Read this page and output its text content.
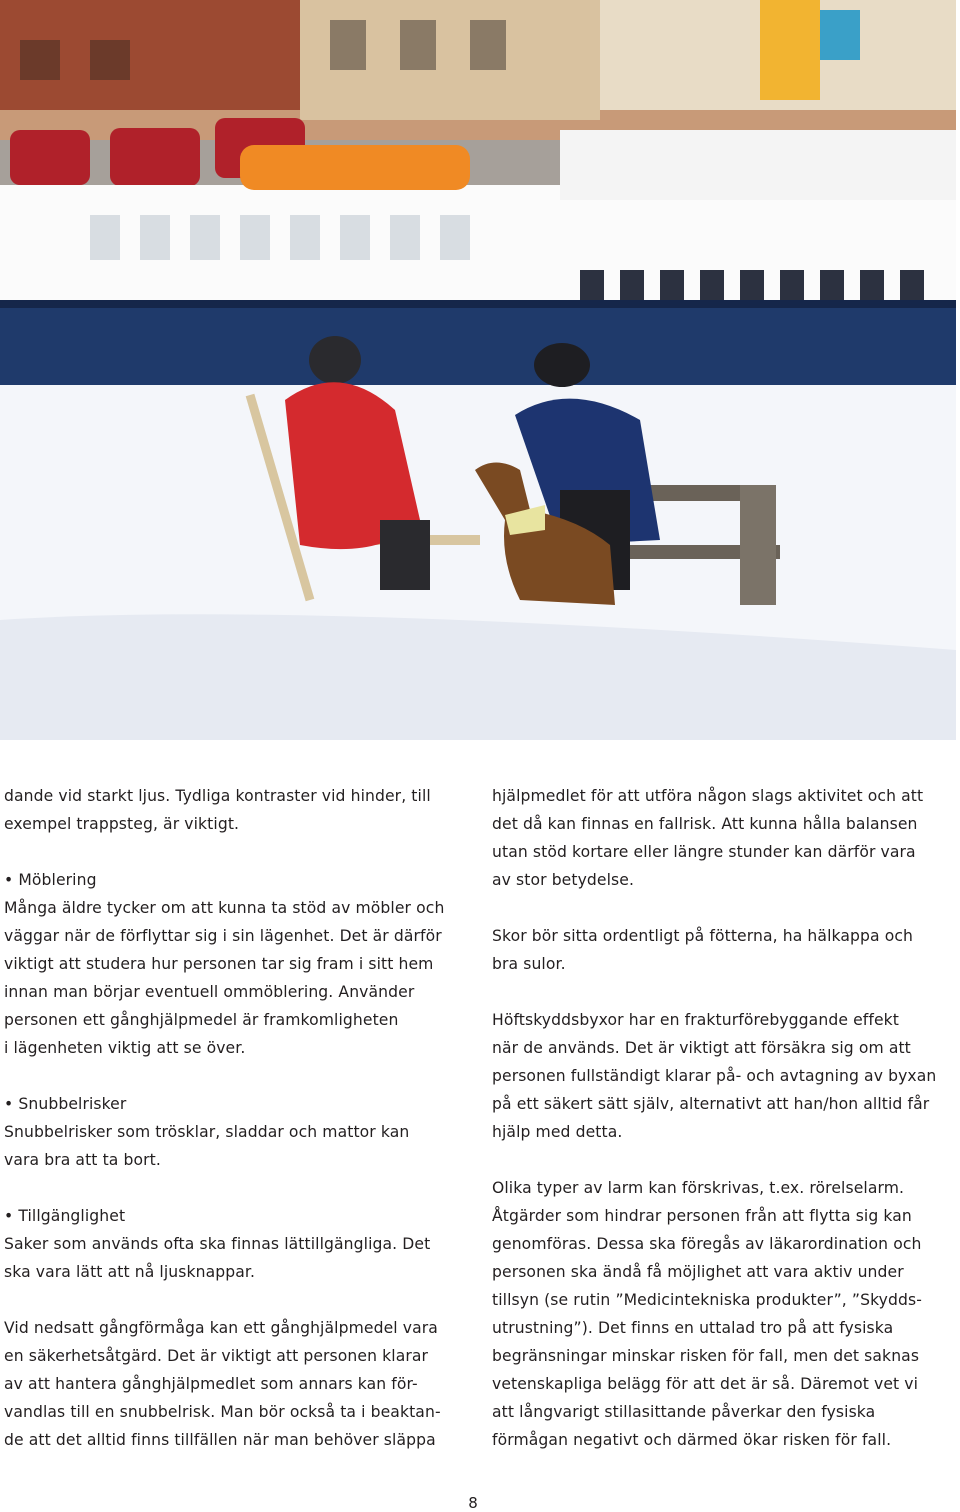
dande vid starkt ljus. Tydliga kontraster vid hinder, till
exempel trappsteg, är viktigt.

• Möblering
Många äldre tycker om att kunna ta stöd av möbler och
väggar när de förflyttar sig i sin lägenhet. Det är därför
viktigt att studera hur personen tar sig fram i sitt hem
innan man börjar eventuell ommöblering. Använder
personen ett gånghjälpmedel är framkomligheten
i lägenheten viktig att se över.

• Snubbelrisker
Snubbelrisker som trösklar, sladdar och mattor kan
vara bra att ta bort.

• Tillgänglighet
Saker som används ofta ska finnas lättillgängliga. Det
ska vara lätt att nå ljusknappar.

Vid nedsatt gångförmåga kan ett gånghjälpmedel vara
en säkerhetsåtgärd. Det är viktigt att personen klarar
av att hantera gånghjälpmedlet som annars kan för-
vandlas till en snubbelrisk. Man bör också ta i beaktan-
de att det alltid finns tillfällen när man behöver släppa

hjälpmedlet för att utföra någon slags aktivitet och att
det då kan finnas en fallrisk. Att kunna hålla balansen
utan stöd kortare eller längre stunder kan därför vara
av stor betydelse.

Skor bör sitta ordentligt på fötterna, ha hälkappa och
bra sulor.

Höftskyddsbyxor har en frakturförebyggande effekt
när de används. Det är viktigt att försäkra sig om att
personen fullständigt klarar på- och avtagning av byxan
på ett säkert sätt själv, alternativt att han/hon alltid får
hjälp med detta.

Olika typer av larm kan förskrivas, t.ex. rörelselarm.
Åtgärder som hindrar personen från att flytta sig kan
genomföras. Dessa ska föregås av läkarordination och
personen ska ändå få möjlighet att vara aktiv under
tillsyn (se rutin ”Medicintekniska produkter”, ”Skydds-
utrustning”). Det finns en uttalad tro på att fysiska
begränsningar minskar risken för fall, men det saknas
vetenskapliga belägg för att det är så. Däremot vet vi
att långvarigt stillasittande påverkar den fysiska
förmågan negativt och därmed ökar risken för fall.

8
